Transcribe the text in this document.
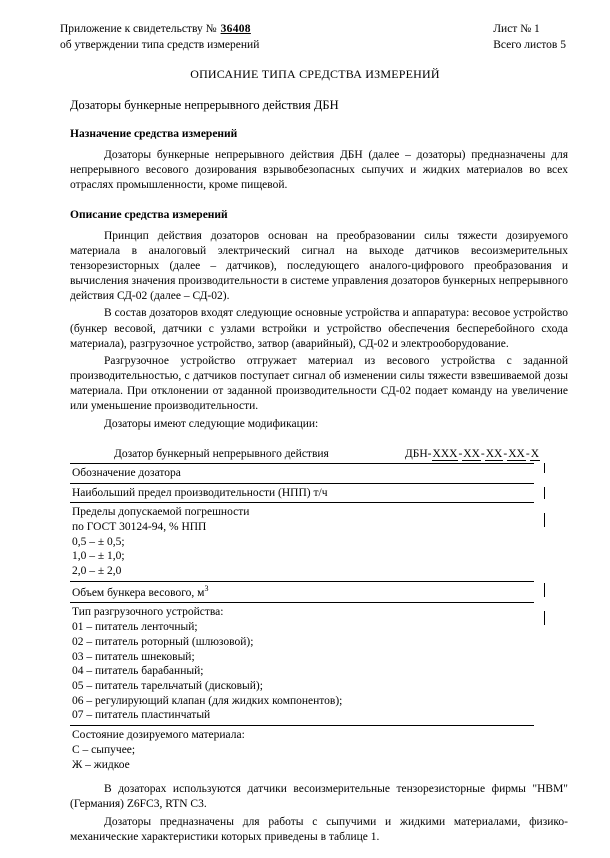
Приложение к свидетельству № 36408
об утверждении типа средств измерений
Лист № 1
Всего листов 5
ОПИСАНИЕ ТИПА СРЕДСТВА ИЗМЕРЕНИЙ
Дозаторы бункерные непрерывного действия ДБН
Назначение средства измерений

Дозаторы бункерные непрерывного действия ДБН (далее – дозаторы) предназначены для непрерывного весового дозирования взрывобезопасных сыпучих и жидких материалов во всех отраслях промышленности, кроме пищевой.

Описание средства измерений

Принцип действия дозаторов основан на преобразовании силы тяжести дозируемого материала в аналоговый электрический сигнал на выходе датчиков весоизмерительных тензорезисторных (далее – датчиков), последующего аналого-цифрового преобразования и вычисления значения производительности в системе управления дозаторов бункерных непрерывного действия СД-02 (далее – СД-02).

В состав дозаторов входят следующие основные устройства и аппаратура: весовое устройство (бункер весовой, датчики с узлами встройки и устройство обеспечения бесперебойного схода материала), разгрузочное устройство, затвор (аварийный), СД-02 и электрооборудование.

Разгрузочное устройство отгружает материал из весового устройства с заданной производительностью, с датчиков поступает сигнал об изменении силы тяжести взвешиваемой дозы материала. При отклонении от заданной производительности СД-02 подает команду на увеличение или уменьшение производительности.

Дозаторы имеют следующие модификации:

Дозатор бункерный непрерывного действия	ДБН-ХХХ-ХХ-ХХ-ХХ-Х
Обозначение дозатора
Наибольший предел производительности (НПП) т/ч
Пределы допускаемой погрешности
по ГОСТ 30124-94, % НПП
0,5 – ± 0,5;
1,0 – ± 1,0;
2,0 – ± 2,0
Объем бункера весового, $м^3$
Тип разгрузочного устройства:
01 – питатель ленточный;
02 – питатель роторный (шлюзовой);
03 – питатель шнековый;
04 – питатель барабанный;
05 – питатель тарельчатый (дисковый);
06 – регулирующий клапан (для жидких компонентов);
07 – питатель пластинчатый
Состояние дозируемого материала:
С – сыпучее;
Ж – жидкое

В дозаторах используются датчики весоизмерительные тензорезисторные фирмы "НВМ" (Германия) Z6FC3, RTN C3.

Дозаторы предназначены для работы с сыпучими и жидкими материалами, физико-механические характеристики которых приведены в таблице 1.
